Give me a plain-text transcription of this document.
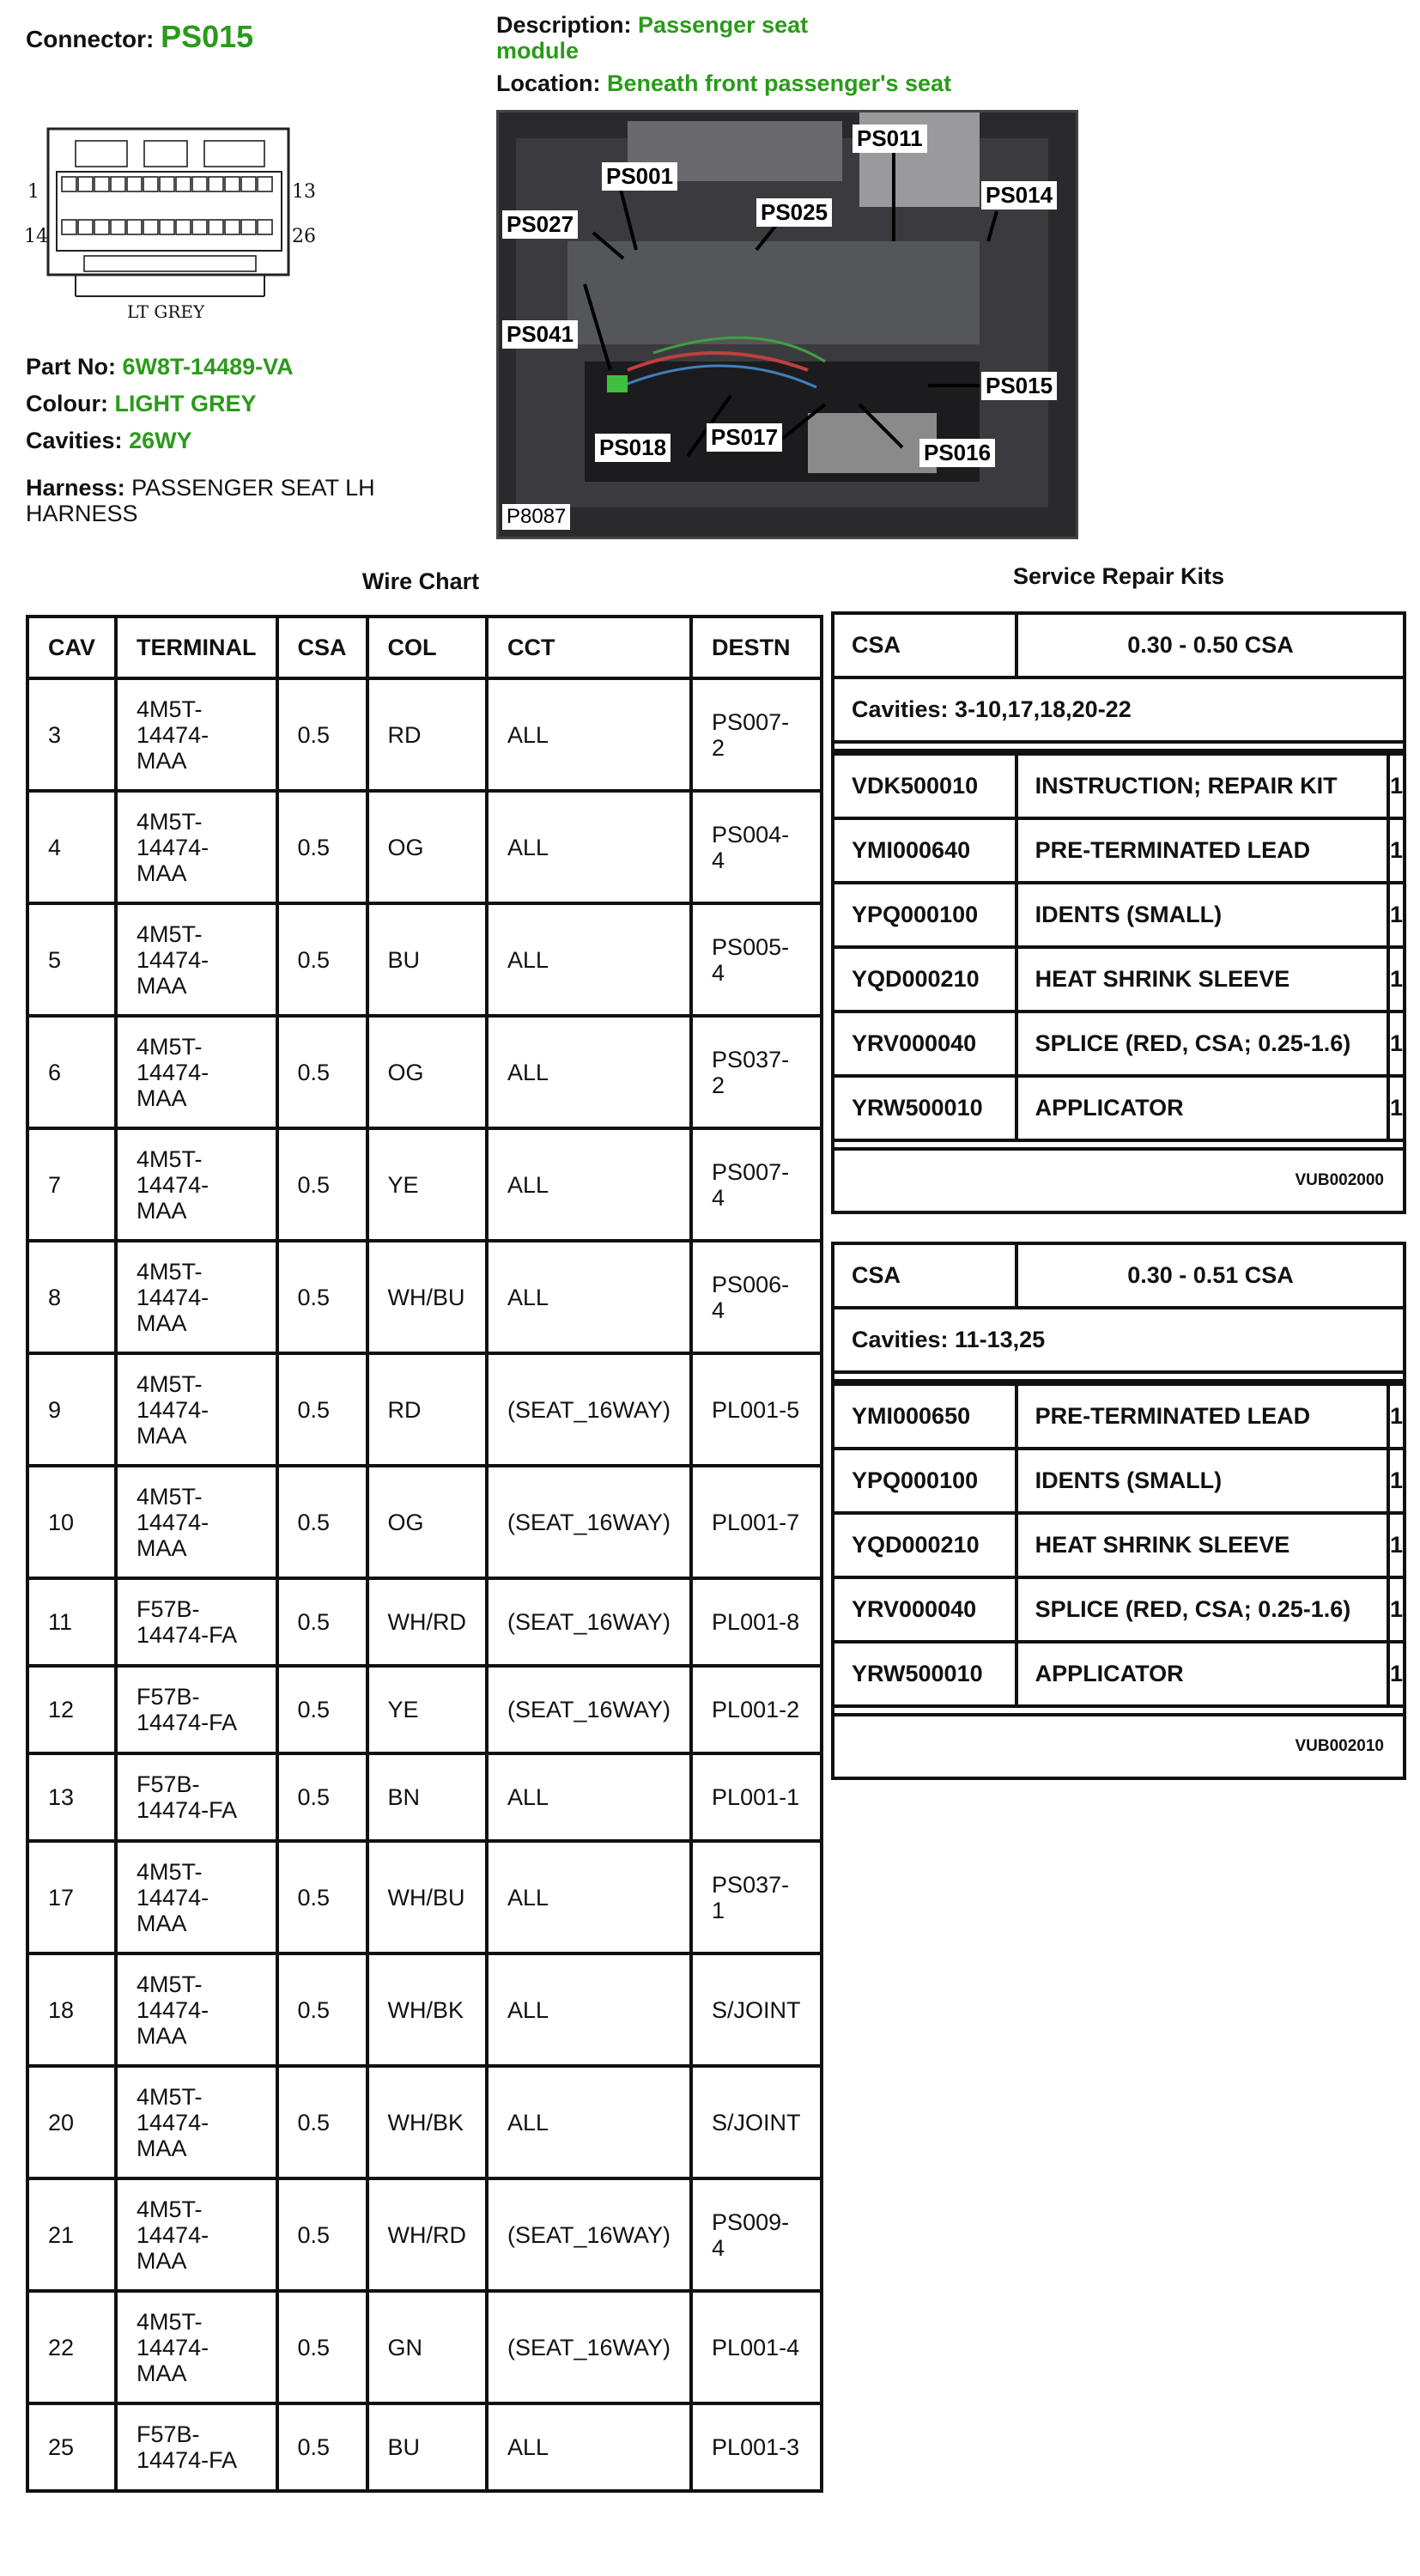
Connector: PS015
1	13
14	26
LT GREY
Part No: 6W8T-14489-VA
Colour: LIGHT GREY
Cavities: 26WY
Harness: PASSENGER SEAT LH HARNESS
Description: Passenger seat module
Location: Beneath front passenger's seat
PS001
PS011
PS014
PS027	PS025
PS041
PS015
PS018 PS017
PS016
P8087
Wire Chart
CAV	TERMINAL	CSA	COL	CCT	DESTN
3	4M5T-
14474-
MAA	0.5	RD	ALL	PS007-
2
4	4M5T-
14474-
MAA	0.5	OG	ALL	PS004-
4
5	4M5T-
14474-
MAA	0.5	BU	ALL	PS005-
4
6	4M5T-
14474-
MAA	0.5	OG	ALL	PS037-
2
7	4M5T-
14474-
MAA	0.5	YE	ALL	PS007-
4
8	4M5T-
14474-
MAA	0.5	WH/BU	ALL	PS006-
4
9	4M5T-
14474-
MAA	0.5	RD	(SEAT_16WAY)	PL001-5
10	4M5T-
14474-
MAA	0.5	OG	(SEAT_16WAY)	PL001-7
11	F57B-
14474-FA	0.5	WH/RD	(SEAT_16WAY)	PL001-8
12	F57B-
14474-FA	0.5	YE	(SEAT_16WAY)	PL001-2
13	F57B-
14474-FA	0.5	BN	ALL	PL001-1
17	4M5T-
14474-
MAA	0.5	WH/BU	ALL	PS037-
1
18	4M5T-
14474-
MAA	0.5	WH/BK	ALL	S/JOINT
20	4M5T-
14474-
MAA	0.5	WH/BK	ALL	S/JOINT
21	4M5T-
14474-
MAA	0.5	WH/RD	(SEAT_16WAY)	PS009-
4
22	4M5T-
14474-
MAA	0.5	GN	(SEAT_16WAY)	PL001-4
25	F57B-
14474-FA	0.5	BU	ALL	PL001-3
Service Repair Kits
CSA	0.30 - 0.50 CSA
Cavities: 3-10,17,18,20-22
VDK500010	INSTRUCTION; REPAIR KIT	1
YMI000640	PRE-TERMINATED LEAD	1
YPQ000100	IDENTS (SMALL)	1
YQD000210	HEAT SHRINK SLEEVE	1
YRV000040	SPLICE (RED, CSA; 0.25-1.6)	1
YRW500010	APPLICATOR	1
VUB002000
CSA	0.30 - 0.51 CSA
Cavities: 11-13,25
YMI000650	PRE-TERMINATED LEAD	1
YPQ000100	IDENTS (SMALL)	1
YQD000210	HEAT SHRINK SLEEVE	1
YRV000040	SPLICE (RED, CSA; 0.25-1.6)	1
YRW500010	APPLICATOR	1
VUB002010
